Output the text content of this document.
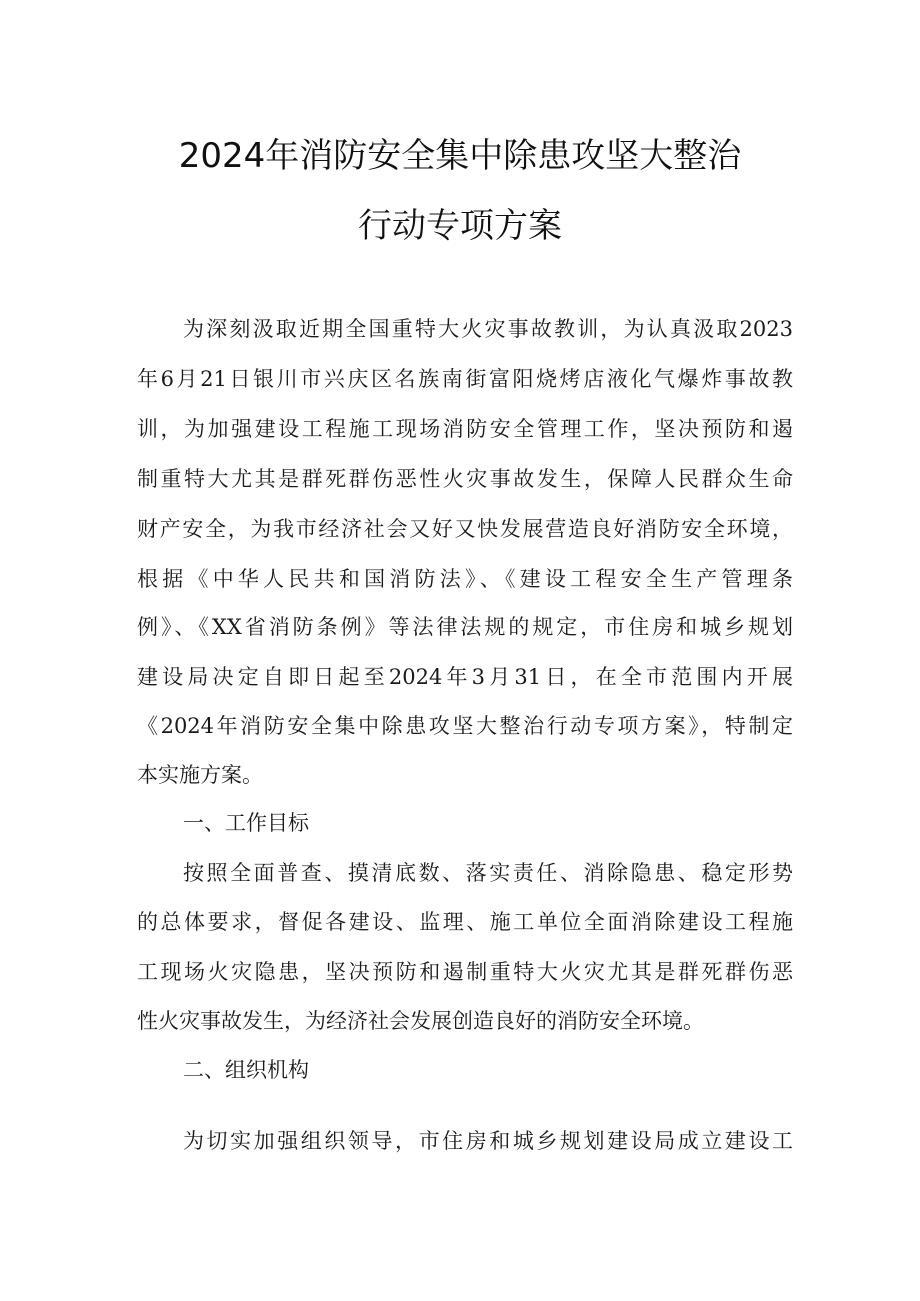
2024年消防安全集中除患攻坚大整治
行动专项方案
为深刻汲取近期全国重特大火灾事故教训，为认真汲取2023
年6月21日银川市兴庆区名族南街富阳烧烤店液化气爆炸事故教
训，为加强建设工程施工现场消防安全管理工作，坚决预防和遏
制重特大尤其是群死群伤恶性火灾事故发生，保障人民群众生命
财产安全，为我市经济社会又好又快发展营造良好消防安全环境，
根据《中华人民共和国消防法》、《建设工程安全生产管理条
例》、《XX省消防条例》等法律法规的规定，市住房和城乡规划
建设局决定自即日起至2024年3月31日，在全市范围内开展
《2024年消防安全集中除患攻坚大整治行动专项方案》，特制定
本实施方案。
一、工作目标
按照全面普查、摸清底数、落实责任、消除隐患、稳定形势
的总体要求，督促各建设、监理、施工单位全面消除建设工程施
工现场火灾隐患，坚决预防和遏制重特大火灾尤其是群死群伤恶
性火灾事故发生，为经济社会发展创造良好的消防安全环境。
二、组织机构
为切实加强组织领导，市住房和城乡规划建设局成立建设工
